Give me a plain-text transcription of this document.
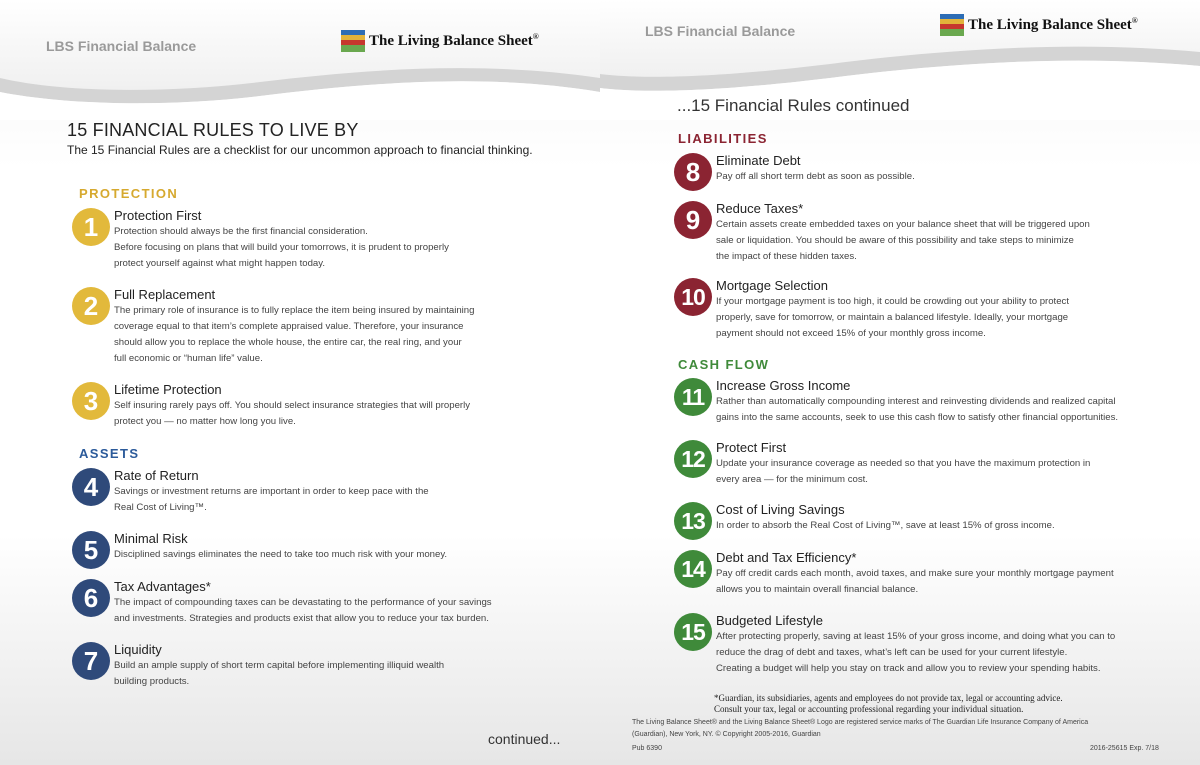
LBS Financial Balance	The Living Balance Sheet®
15 FINANCIAL RULES TO LIVE BY
The 15 Financial Rules are a checklist for our uncommon approach to financial thinking.
PROTECTION
1	Protection First
Protection should always be the first financial consideration.
Before focusing on plans that will build your tomorrows, it is prudent to properly
protect yourself against what might happen today.
2	Full Replacement
The primary role of insurance is to fully replace the item being insured by maintaining
coverage equal to that item’s complete appraised value. Therefore, your insurance
should allow you to replace the whole house, the entire car, the real ring, and your
full economic or “human life” value.
3	Lifetime Protection
Self insuring rarely pays off. You should select insurance strategies that will properly
protect you — no matter how long you live.
ASSETS
4	Rate of Return
Savings or investment returns are important in order to keep pace with the
Real Cost of Living™.
5	Minimal Risk
Disciplined savings eliminates the need to take too much risk with your money.
6	Tax Advantages*
The impact of compounding taxes can be devastating to the performance of your savings
and investments. Strategies and products exist that allow you to reduce your tax burden.
7	Liquidity
Build an ample supply of short term capital before implementing illiquid wealth
building products.
continued...
LBS Financial Balance	The Living Balance Sheet®
...15 Financial Rules continued
LIABILITIES
8	Eliminate Debt
Pay off all short term debt as soon as possible.
9	Reduce Taxes*
Certain assets create embedded taxes on your balance sheet that will be triggered upon
sale or liquidation. You should be aware of this possibility and take steps to minimize
the impact of these hidden taxes.
10 Mortgage Selection
If your mortgage payment is too high, it could be crowding out your ability to protect
properly, save for tomorrow, or maintain a balanced lifestyle. Ideally, your mortgage
payment should not exceed 15% of your monthly gross income.
CASH FLOW
11 Increase Gross Income
Rather than automatically compounding interest and reinvesting dividends and realized capital
gains into the same accounts, seek to use this cash flow to satisfy other financial opportunities.
12 Protect First
Update your insurance coverage as needed so that you have the maximum protection in
every area — for the minimum cost.
13 Cost of Living Savings
In order to absorb the Real Cost of Living™, save at least 15% of gross income.
14 Debt and Tax Efficiency*
Pay off credit cards each month, avoid taxes, and make sure your monthly mortgage payment
allows you to maintain overall financial balance.
15 Budgeted Lifestyle
After protecting properly, saving at least 15% of your gross income, and doing what you can to
reduce the drag of debt and taxes, what’s left can be used for your current lifestyle.
Creating a budget will help you stay on track and allow you to review your spending habits.
*Guardian, its subsidiaries, agents and employees do not provide tax, legal or accounting advice.
Consult your tax, legal or accounting professional regarding your individual situation.
The Living Balance Sheet® and the Living Balance Sheet® Logo are registered service marks of The Guardian Life Insurance Company of America
(Guardian), New York, NY. © Copyright 2005-2016, Guardian
Pub 6390	2016-25615 Exp. 7/18
